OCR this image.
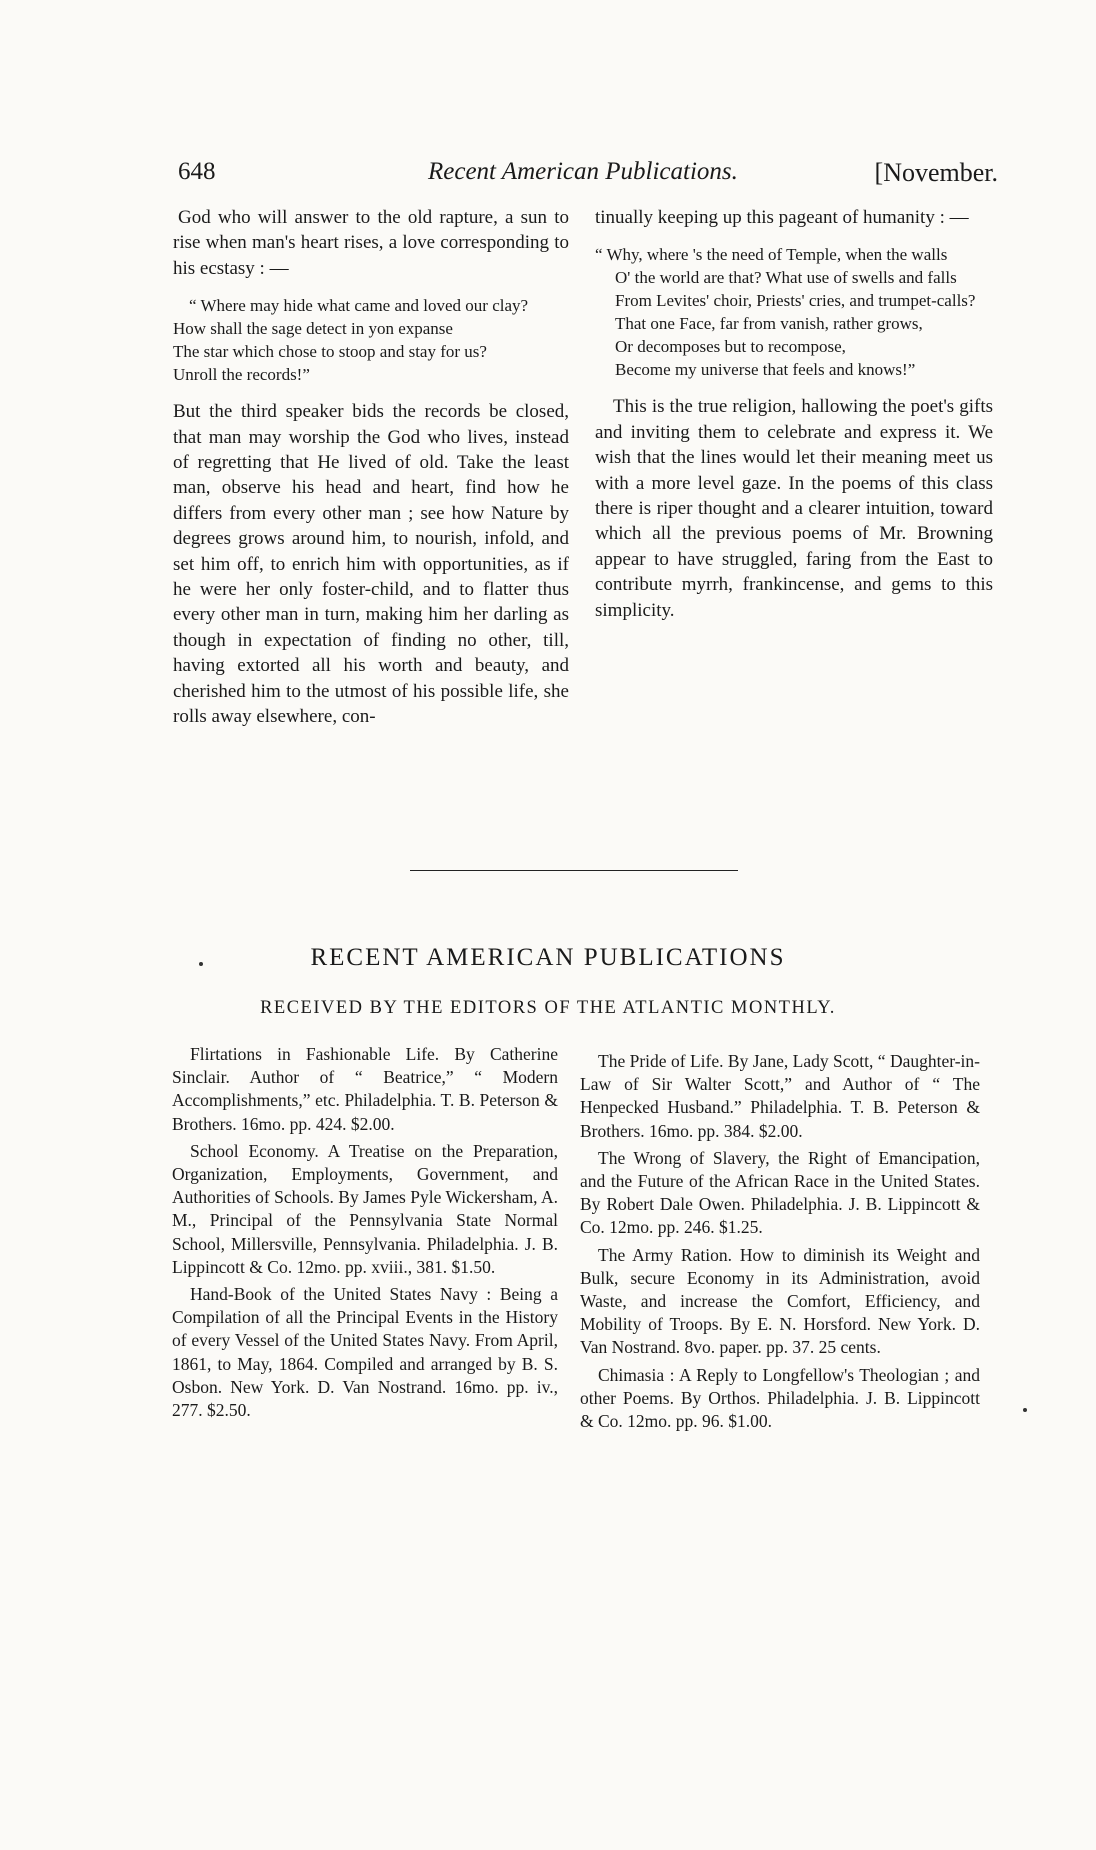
648	Recent American Publications.	[November.

God who will answer to the old rapture, a sun to rise when man's heart rises, a love corresponding to his ecstasy : —

“ Where may hide what came and loved our clay?
How shall the sage detect in yon expanse
The star which chose to stoop and stay for us?
Unroll the records!”

But the third speaker bids the records be closed, that man may worship the God who lives, instead of regretting that He lived of old. Take the least man, observe his head and heart, find how he differs from every other man ; see how Nature by degrees grows around him, to nourish, infold, and set him off, to enrich him with opportunities, as if he were her only foster-child, and to flatter thus every other man in turn, making him her darling as though in expectation of finding no other, till, having extorted all his worth and beauty, and cherished him to the utmost of his possible life, she rolls away elsewhere, con-

tinually keeping up this pageant of humanity : —

“ Why, where 's the need of Temple, when the walls
O' the world are that? What use of swells and falls
From Levites' choir, Priests' cries, and trumpet-calls?
That one Face, far from vanish, rather grows,
Or decomposes but to recompose,
Become my universe that feels and knows!”

This is the true religion, hallowing the poet's gifts and inviting them to celebrate and express it. We wish that the lines would let their meaning meet us with a more level gaze. In the poems of this class there is riper thought and a clearer intuition, toward which all the previous poems of Mr. Browning appear to have struggled, faring from the East to contribute myrrh, frankincense, and gems to this simplicity.

RECENT AMERICAN PUBLICATIONS
RECEIVED BY THE EDITORS OF THE ATLANTIC MONTHLY.

Flirtations in Fashionable Life. By Catherine Sinclair. Author of “ Beatrice,” “ Modern Accomplishments,” etc. Philadelphia. T. B. Peterson & Brothers. 16mo. pp. 424. $2.00.

School Economy. A Treatise on the Preparation, Organization, Employments, Government, and Authorities of Schools. By James Pyle Wickersham, A. M., Principal of the Pennsylvania State Normal School, Millersville, Pennsylvania. Philadelphia. J. B. Lippincott & Co. 12mo. pp. xviii., 381. $1.50.

Hand-Book of the United States Navy : Being a Compilation of all the Principal Events in the History of every Vessel of the United States Navy. From April, 1861, to May, 1864. Compiled and arranged by B. S. Osbon. New York. D. Van Nostrand. 16mo. pp. iv., 277. $2.50.

The Pride of Life. By Jane, Lady Scott, “ Daughter-in-Law of Sir Walter Scott,” and Author of “ The Henpecked Husband.” Philadelphia. T. B. Peterson & Brothers. 16mo. pp. 384. $2.00.

The Wrong of Slavery, the Right of Emancipation, and the Future of the African Race in the United States. By Robert Dale Owen. Philadelphia. J. B. Lippincott & Co. 12mo. pp. 246. $1.25.

The Army Ration. How to diminish its Weight and Bulk, secure Economy in its Administration, avoid Waste, and increase the Comfort, Efficiency, and Mobility of Troops. By E. N. Horsford. New York. D. Van Nostrand. 8vo. paper. pp. 37. 25 cents.

Chimasia : A Reply to Longfellow's Theologian ; and other Poems. By Orthos. Philadelphia. J. B. Lippincott & Co. 12mo. pp. 96. $1.00.
